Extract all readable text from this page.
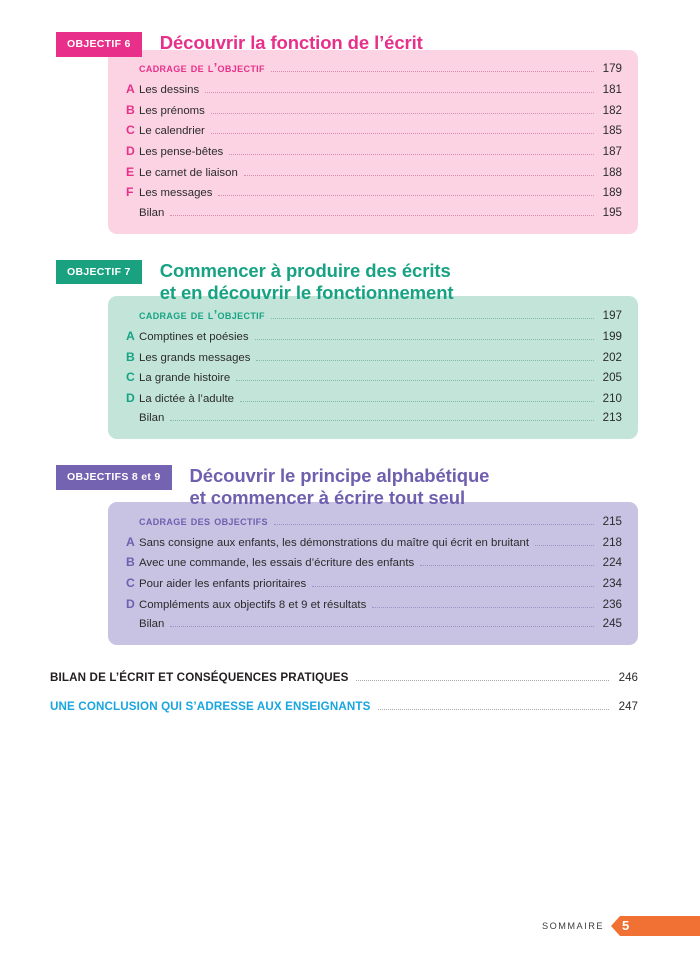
OBJECTIF 6	Découvrir la fonction de l’écrit
cadrage de l’objectif	179
A Les dessins	181
B Les prénoms	182
C Le calendrier	185
D Les pense-bêtes	187
E Le carnet de liaison	188
F Les messages	189
Bilan	195
OBJECTIF 7	Commencer à produire des écrits
et en découvrir le fonctionnement
cadrage de l’objectif	197
A Comptines et poésies	199
B Les grands messages	202
C La grande histoire	205
D La dictée à l’adulte	210
Bilan	213
OBJECTIFS 8 et 9	Découvrir le principe alphabétique
et commencer à écrire tout seul
cadrage des objectifs	215
A Sans consigne aux enfants, les démonstrations du maître qui écrit en bruitant	218
B Avec une commande, les essais d’écriture des enfants	224
C Pour aider les enfants prioritaires	234
D Compléments aux objectifs 8 et 9 et résultats	236
Bilan	245
BILAN DE L’ÉCRIT ET CONSÉQUENCES PRATIQUES	246
UNE CONCLUSION QUI S’ADRESSE AUX ENSEIGNANTS	247
SOMMAIRE 5
